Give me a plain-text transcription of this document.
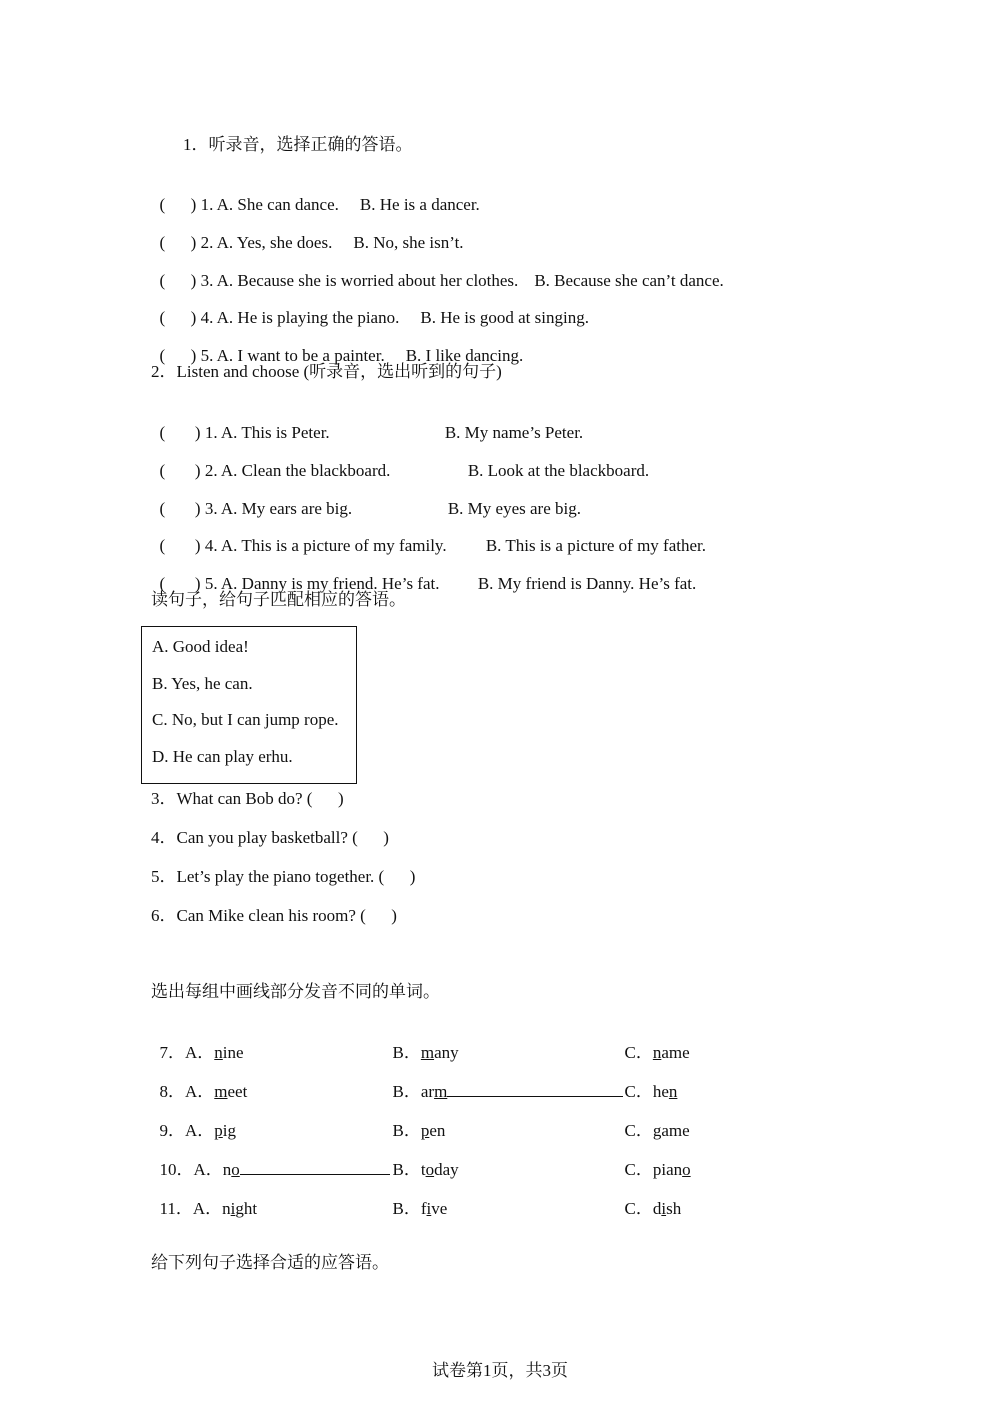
1．听录音，选择正确的答语。

(      ) 1. A. She can dance. B. He is a dancer.

(      ) 2. A. Yes, she does. B. No, she isn’t.

(      ) 3. A. Because she is worried about her clothes. B. Because she can’t dance.

(      ) 4. A. He is playing the piano. B. He is good at singing.

(      ) 5. A. I want to be a painter. B. I like dancing.

2．Listen and choose (听录音，选出听到的句子)

(       ) 1. A. This is Peter.	B. My name’s Peter.

(       ) 2. A. Clean the blackboard.	B. Look at the blackboard.

(       ) 3. A. My ears are big.	B. My eyes are big.

(       ) 4. A. This is a picture of my family. B. This is a picture of my father.

(       ) 5. A. Danny is my friend. He’s fat. B. My friend is Danny. He’s fat.

读句子，给句子匹配相应的答语。
A. Good idea!
B. Yes, he can.
C. No, but I can jump rope.
D. He can play erhu.
3．What can Bob do? (      )
4．Can you play basketball? (      )
5．Let’s play the piano together. (      )
6．Can Mike clean his room? (      )
选出每组中画线部分发音不同的单词。

7．A．nine	B．many	C．name

8．A．meet	B．arm	C．hen

9．A．pig	B．pen	C．game

10．A．no	B．today	C．piano

11．A．night	B．five	C．dish

给下列句子选择合适的应答语。
试卷第1页，共3页
